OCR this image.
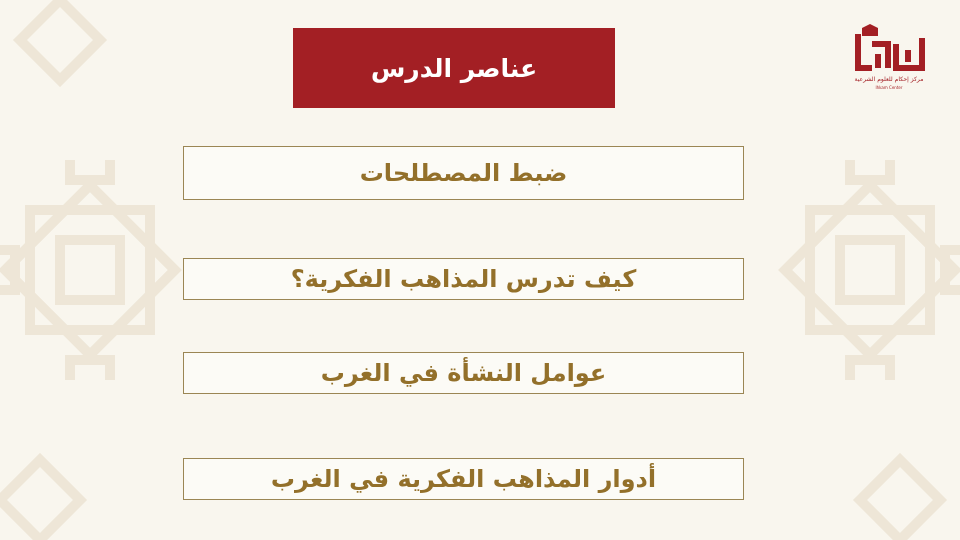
عناصر الدرس
ضبط المصطلحات
كيف تدرس المذاهب الفكرية؟
عوامل النشأة في الغرب
أدوار المذاهب الفكرية في الغرب
مركز إحكام للعلوم الشرعية
Ihkam Center
